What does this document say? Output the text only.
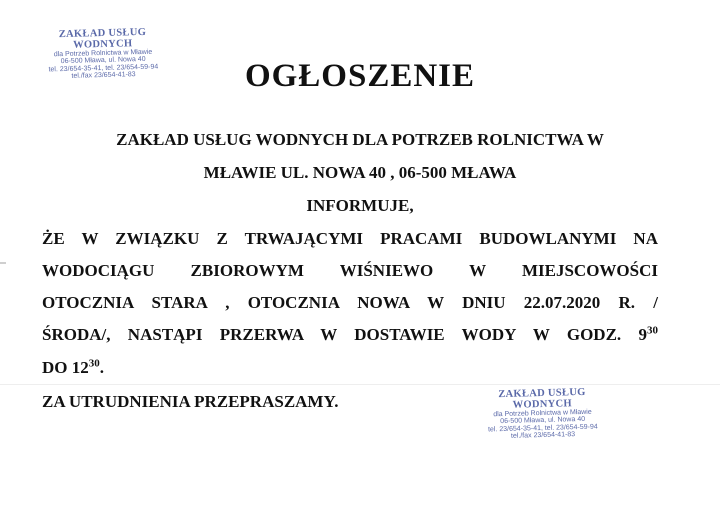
ZAKŁAD USŁUG WODNYCH
dla Potrzeb Rolnictwa w Mławie
06-500 Mława, ul. Nowa 40
tel. 23/654-35-41, tel. 23/654-59-94
tel./fax 23/654-41-83	OGŁOSZENIE
ZAKŁAD USŁUG WODNYCH DLA POTRZEB ROLNICTWA W
MŁAWIE UL. NOWA 40 , 06-500 MŁAWA
INFORMUJE,
ŻE W ZWIĄZKU Z TRWAJĄCYMI PRACAMI BUDOWLANYMI NA
WODOCIĄGU ZBIOROWYM WIŚNIEWO W MIEJSCOWOŚCI
OTOCZNIA STARA , OTOCZNIA NOWA W DNIU 22.07.2020 R. /
ŚRODA/, NASTĄPI PRZERWA W DOSTAWIE WODY W GODZ. $9^{30}$
DO $12^{30}$.
ZA UTRUDNIENIA PRZEPRASZAMY.	ZAKŁAD USŁUG WODNYCH
dla Potrzeb Rolnictwa w Mławie
06-500 Mława, ul. Nowa 40
tel. 23/654-35-41, tel. 23/654-59-94
tel./fax 23/654-41-83
